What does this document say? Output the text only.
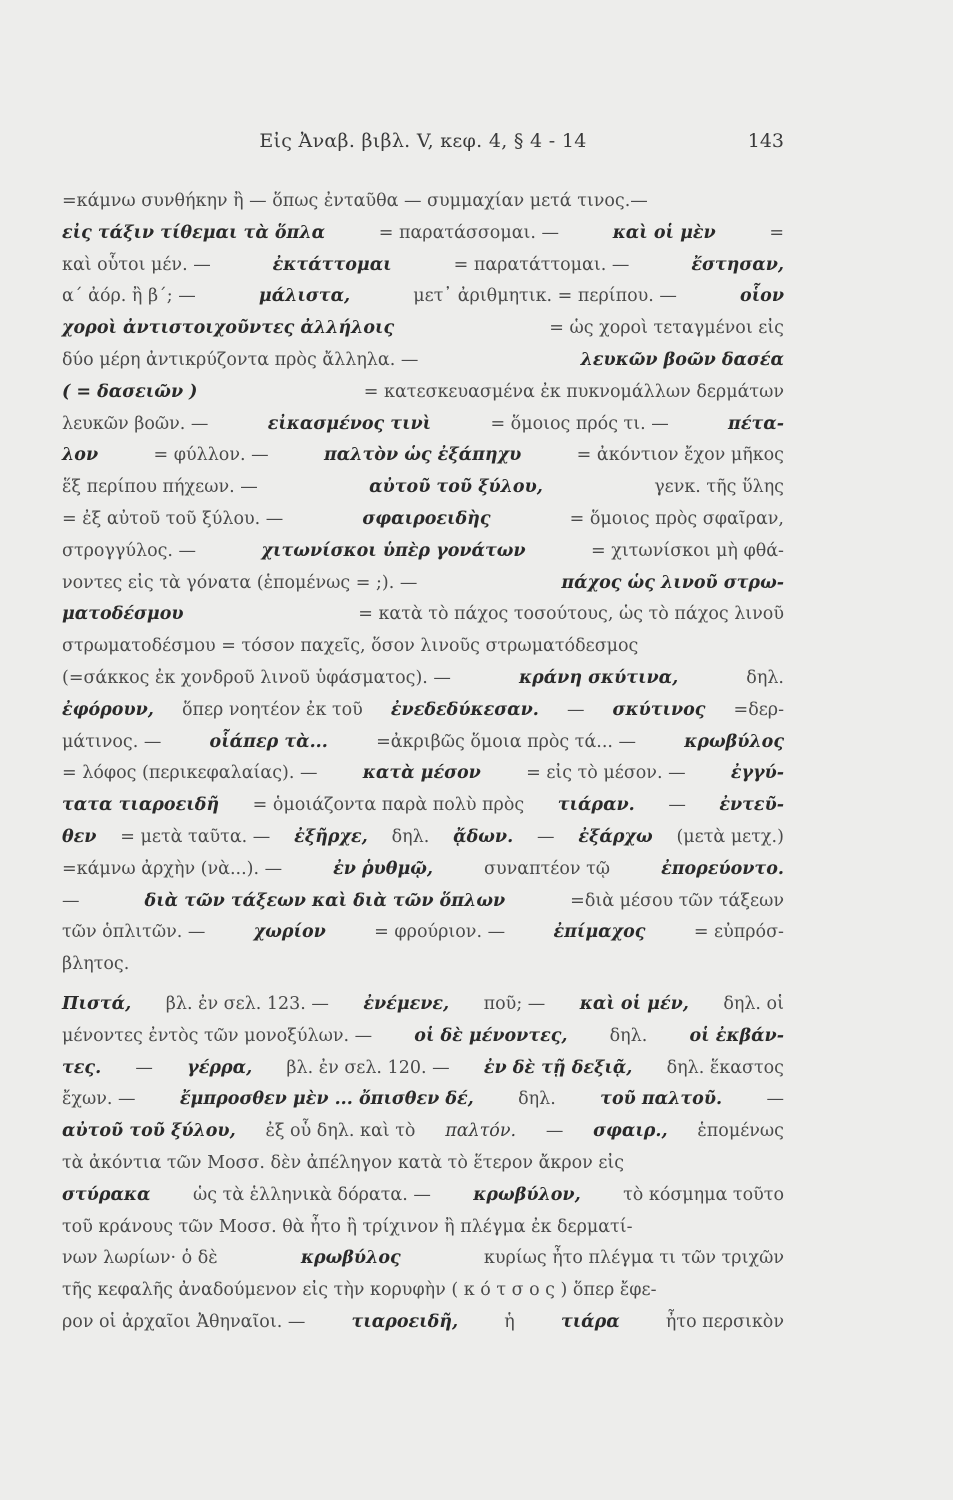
Εἰς Ἀναβ. βιβλ. V, κεφ. 4, § 4 - 14	143
=κάμνω συνθήκην ἢ — ὅπως ἐνταῦθα — συμμαχίαν μετά τινος.—
εἰς τάξιν τίθεμαι τὰ ὅπλα	= παρατάσσομαι. —	καὶ οἱ μὲν	=
καὶ οὗτοι μέν. —	ἐκτάττομαι	= παρατάττομαι. —	ἔστησαν,
α΄ ἀόρ. ἢ β΄; —	μάλιστα,	μετ᾽ ἀριθμητικ. = περίπου. —	οἷον
χοροὶ ἀντιστοιχοῦντες ἀλλήλοις	= ὡς χοροὶ τεταγμένοι εἰς
δύο μέρη ἀντικρύζοντα πρὸς ἄλληλα. —	λευκῶν βοῶν δασέα
( = δασειῶν )	= κατεσκευασμένα ἐκ πυκνομάλλων δερμάτων
λευκῶν βοῶν. —	εἰκασμένος τινὶ	= ὅμοιος πρός τι. —	πέτα-
λον	= φύλλον. —	παλτὸν ὡς ἐξάπηχυ	= ἀκόντιον ἔχον μῆκος
ἕξ περίπου πήχεων. —	αὐτοῦ τοῦ ξύλου,	γενκ. τῆς ὕλης
= ἐξ αὐτοῦ τοῦ ξύλου. —	σφαιροειδὴς	= ὅμοιος πρὸς σφαῖραν,
στρογγύλος. —	χιτωνίσκοι ὑπὲρ γονάτων	= χιτωνίσκοι μὴ φθά-
νοντες εἰς τὰ γόνατα (ἑπομένως = ;). —	πάχος ὡς λινοῦ στρω-
ματοδέσμου	= κατὰ τὸ πάχος τοσούτους, ὡς τὸ πάχος λινοῦ
στρωματοδέσμου = τόσον παχεῖς, ὅσον λινοῦς στρωματόδεσμος
(=σάκκος ἐκ χονδροῦ λινοῦ ὑφάσματος). —	κράνη σκύτινα,	δηλ.
ἐφόρουν, ὅπερ νοητέον ἐκ τοῦ ἐνεδεδύκεσαν. — σκύτινος =δερ-
μάτινος. —	οἷάπερ τὰ...	=ἀκριβῶς ὅμοια πρὸς τά... —	κρωβύλος
= λόφος (περικεφαλαίας). —	κατὰ μέσον	= εἰς τὸ μέσον. —	ἐγγύ-
τατα τιαροειδῆ = ὁμοιάζοντα παρὰ πολὺ πρὸς τιάραν. — ἐντεῦ-
θεν = μετὰ ταῦτα. — ἐξῆρχε, δηλ. ᾄδων. — ἐξάρχω (μετὰ μετχ.)
=κάμνω ἀρχὴν (νὰ...). —	ἐν ῥυθμῷ,	συναπτέον τῷ	ἐπορεύοντο.
—	διὰ τῶν τάξεων καὶ διὰ τῶν ὅπλων	=διὰ μέσου τῶν τάξεων
τῶν ὁπλιτῶν. —	χωρίον	= φρούριον. —	ἐπίμαχος	= εὐπρόσ-
βλητος.
Πιστά, βλ. ἐν σελ. 123. — ἐνέμενε, ποῦ; — καὶ οἱ μέν, δηλ. οἱ
μένοντες ἐντὸς τῶν μονοξύλων. — οἱ δὲ μένοντες, δηλ. οἱ ἐκβάν-
τες. — γέρρα, βλ. ἐν σελ. 120. — ἐν δὲ τῇ δεξιᾷ, δηλ. ἕκαστος
ἔχων. —	ἔμπροσθεν μὲν ... ὄπισθεν δέ,	δηλ.	τοῦ παλτοῦ.	—
αὐτοῦ τοῦ ξύλου, ἐξ οὗ δηλ. καὶ τὸ παλτόν. — σφαιρ., ἑπομένως
τὰ ἀκόντια τῶν Μοσσ. δὲν ἀπέληγον κατὰ τὸ ἕτερον ἄκρον εἰς
στύρακα ὡς τὰ ἑλληνικὰ δόρατα. — κρωβύλον, τὸ κόσμημα τοῦτο
τοῦ κράνους τῶν Μοσσ. θὰ ἦτο ἢ τρίχινον ἢ πλέγμα ἐκ δερματί-
νων λωρίων· ὁ δὲ	κρωβύλος	κυρίως ἦτο πλέγμα τι τῶν τριχῶν
τῆς κεφαλῆς ἀναδούμενον εἰς τὴν κορυφὴν ( κ ό τ σ ο ς ) ὅπερ ἔφε-
ρον οἱ ἀρχαῖοι Ἀθηναῖοι. —	τιαροειδῆ,	ἡ	τιάρα	ἦτο περσικὸν
